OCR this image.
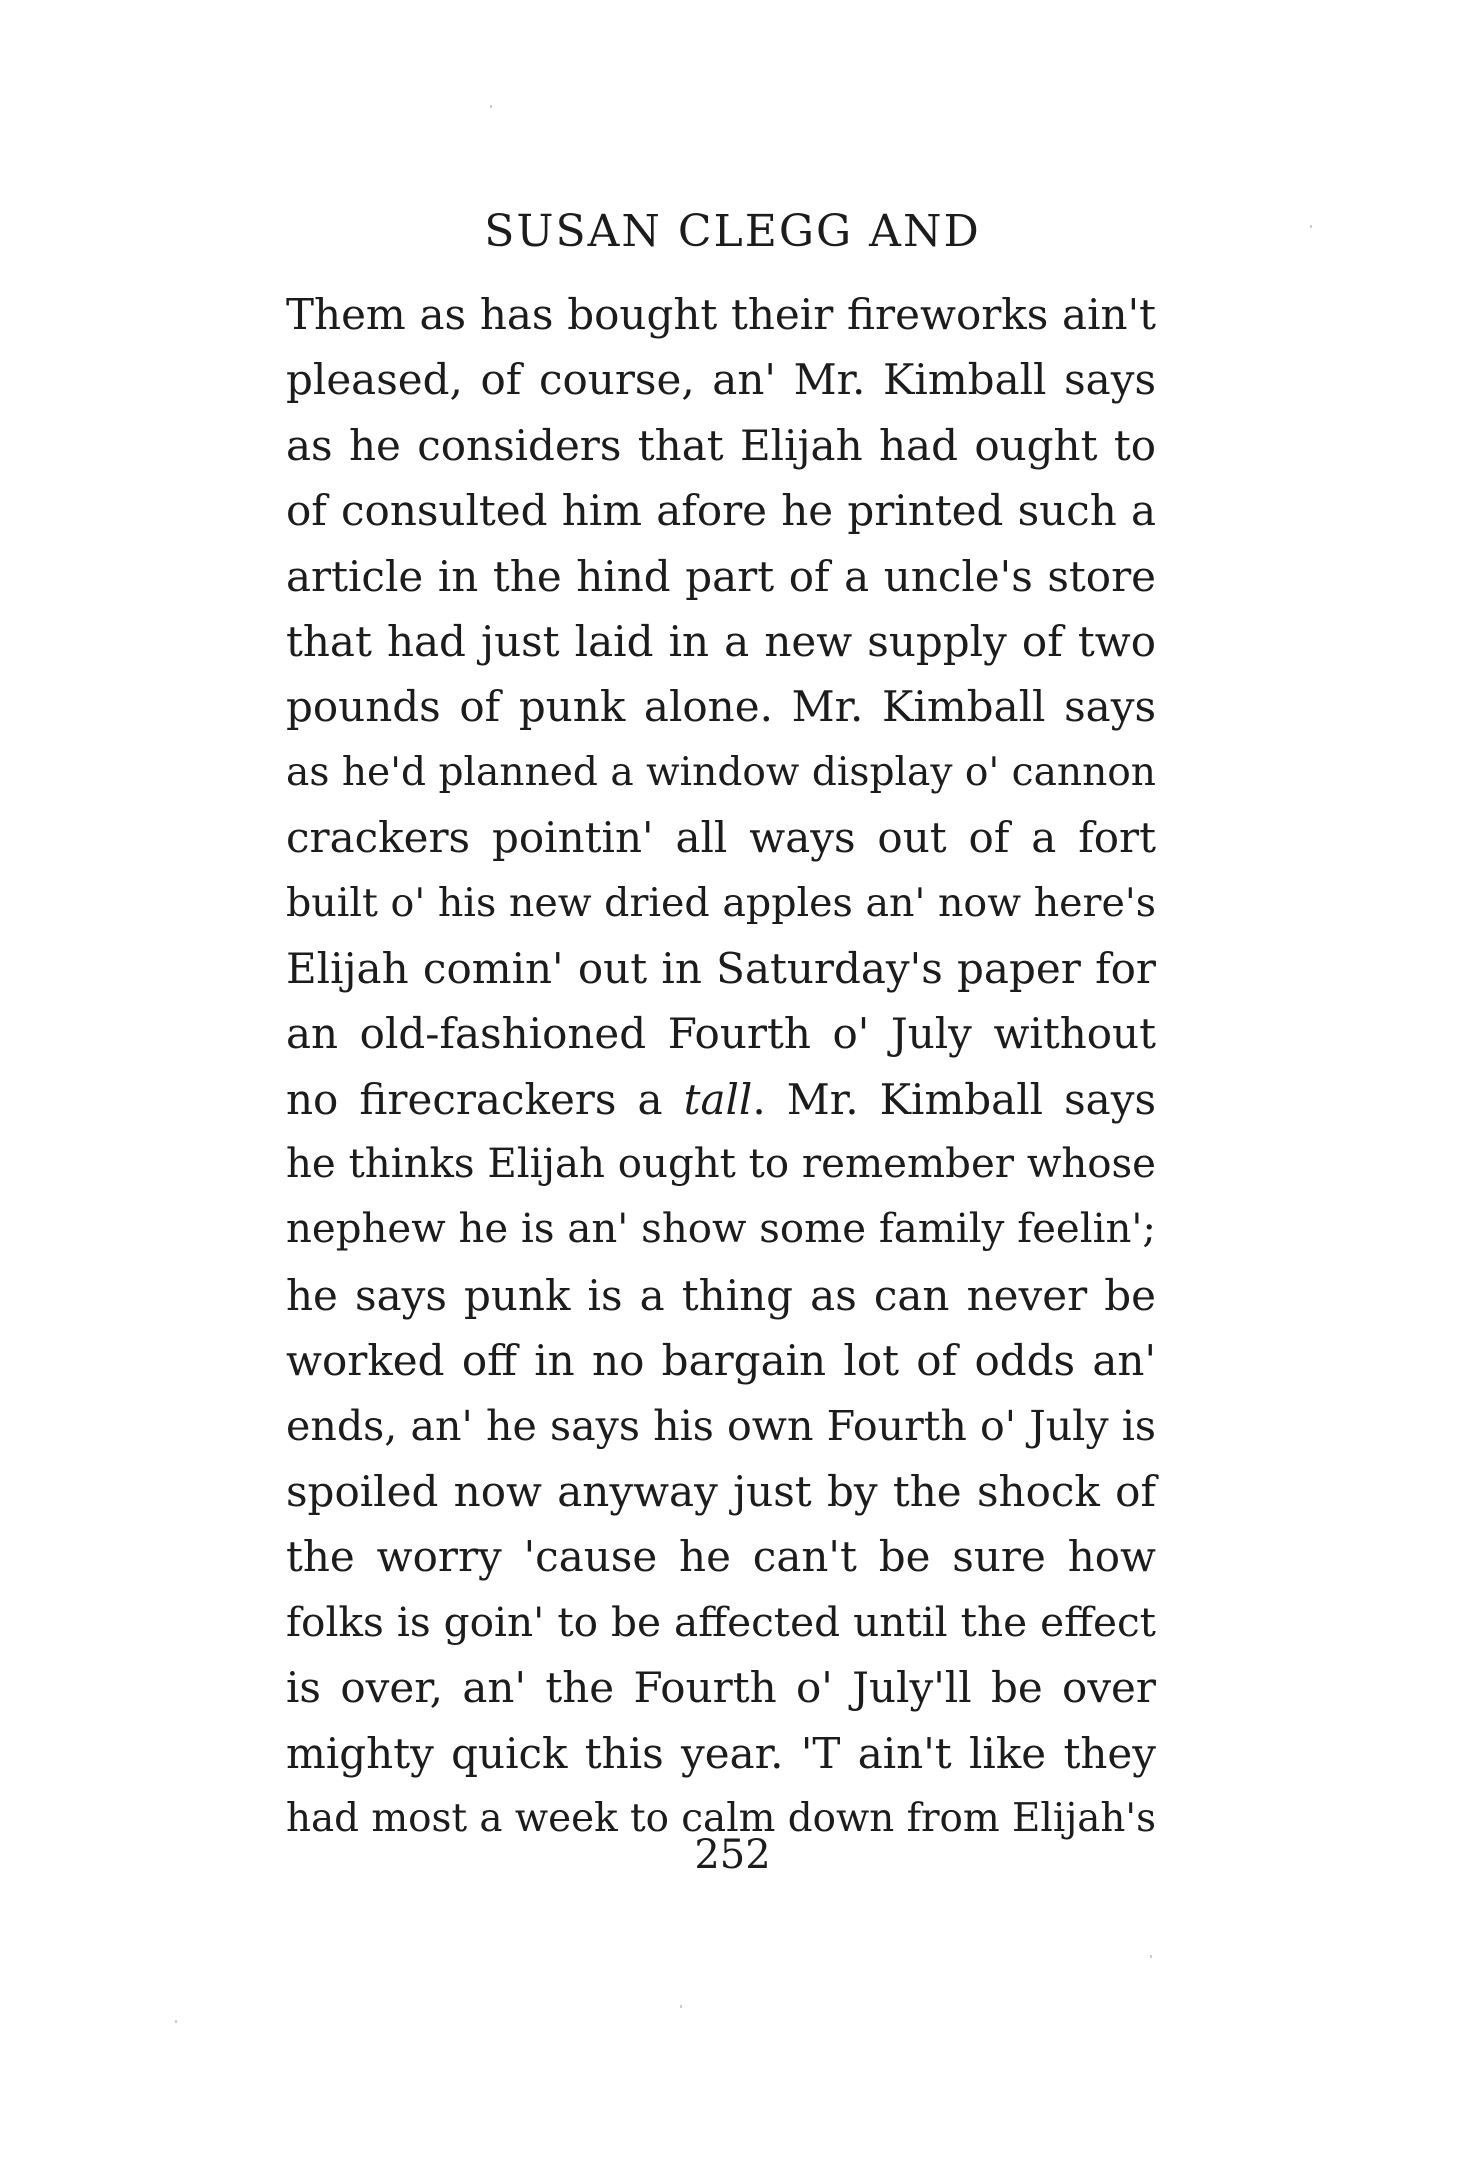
SUSAN CLEGG AND
Them as has bought their fireworks ain't
pleased, of course, an' Mr. Kimball says
as he considers that Elijah had ought to
of consulted him afore he printed such a
article in the hind part of a uncle's store
that had just laid in a new supply of two
pounds of punk alone. Mr. Kimball says
as he'd planned a window display o' cannon
crackers pointin' all ways out of a fort
built o' his new dried apples an' now here's
Elijah comin' out in Saturday's paper for
an old-fashioned Fourth o' July without
no firecrackers a tall. Mr. Kimball says
he thinks Elijah ought to remember whose
nephew he is an' show some family feelin';
he says punk is a thing as can never be
worked off in no bargain lot of odds an'
ends, an' he says his own Fourth o' July is
spoiled now anyway just by the shock of
the worry 'cause he can't be sure how
folks is goin' to be affected until the effect
is over, an' the Fourth o' July'll be over
mighty quick this year. 'T ain't like they
had most a week to calm down from Elijah's
252
